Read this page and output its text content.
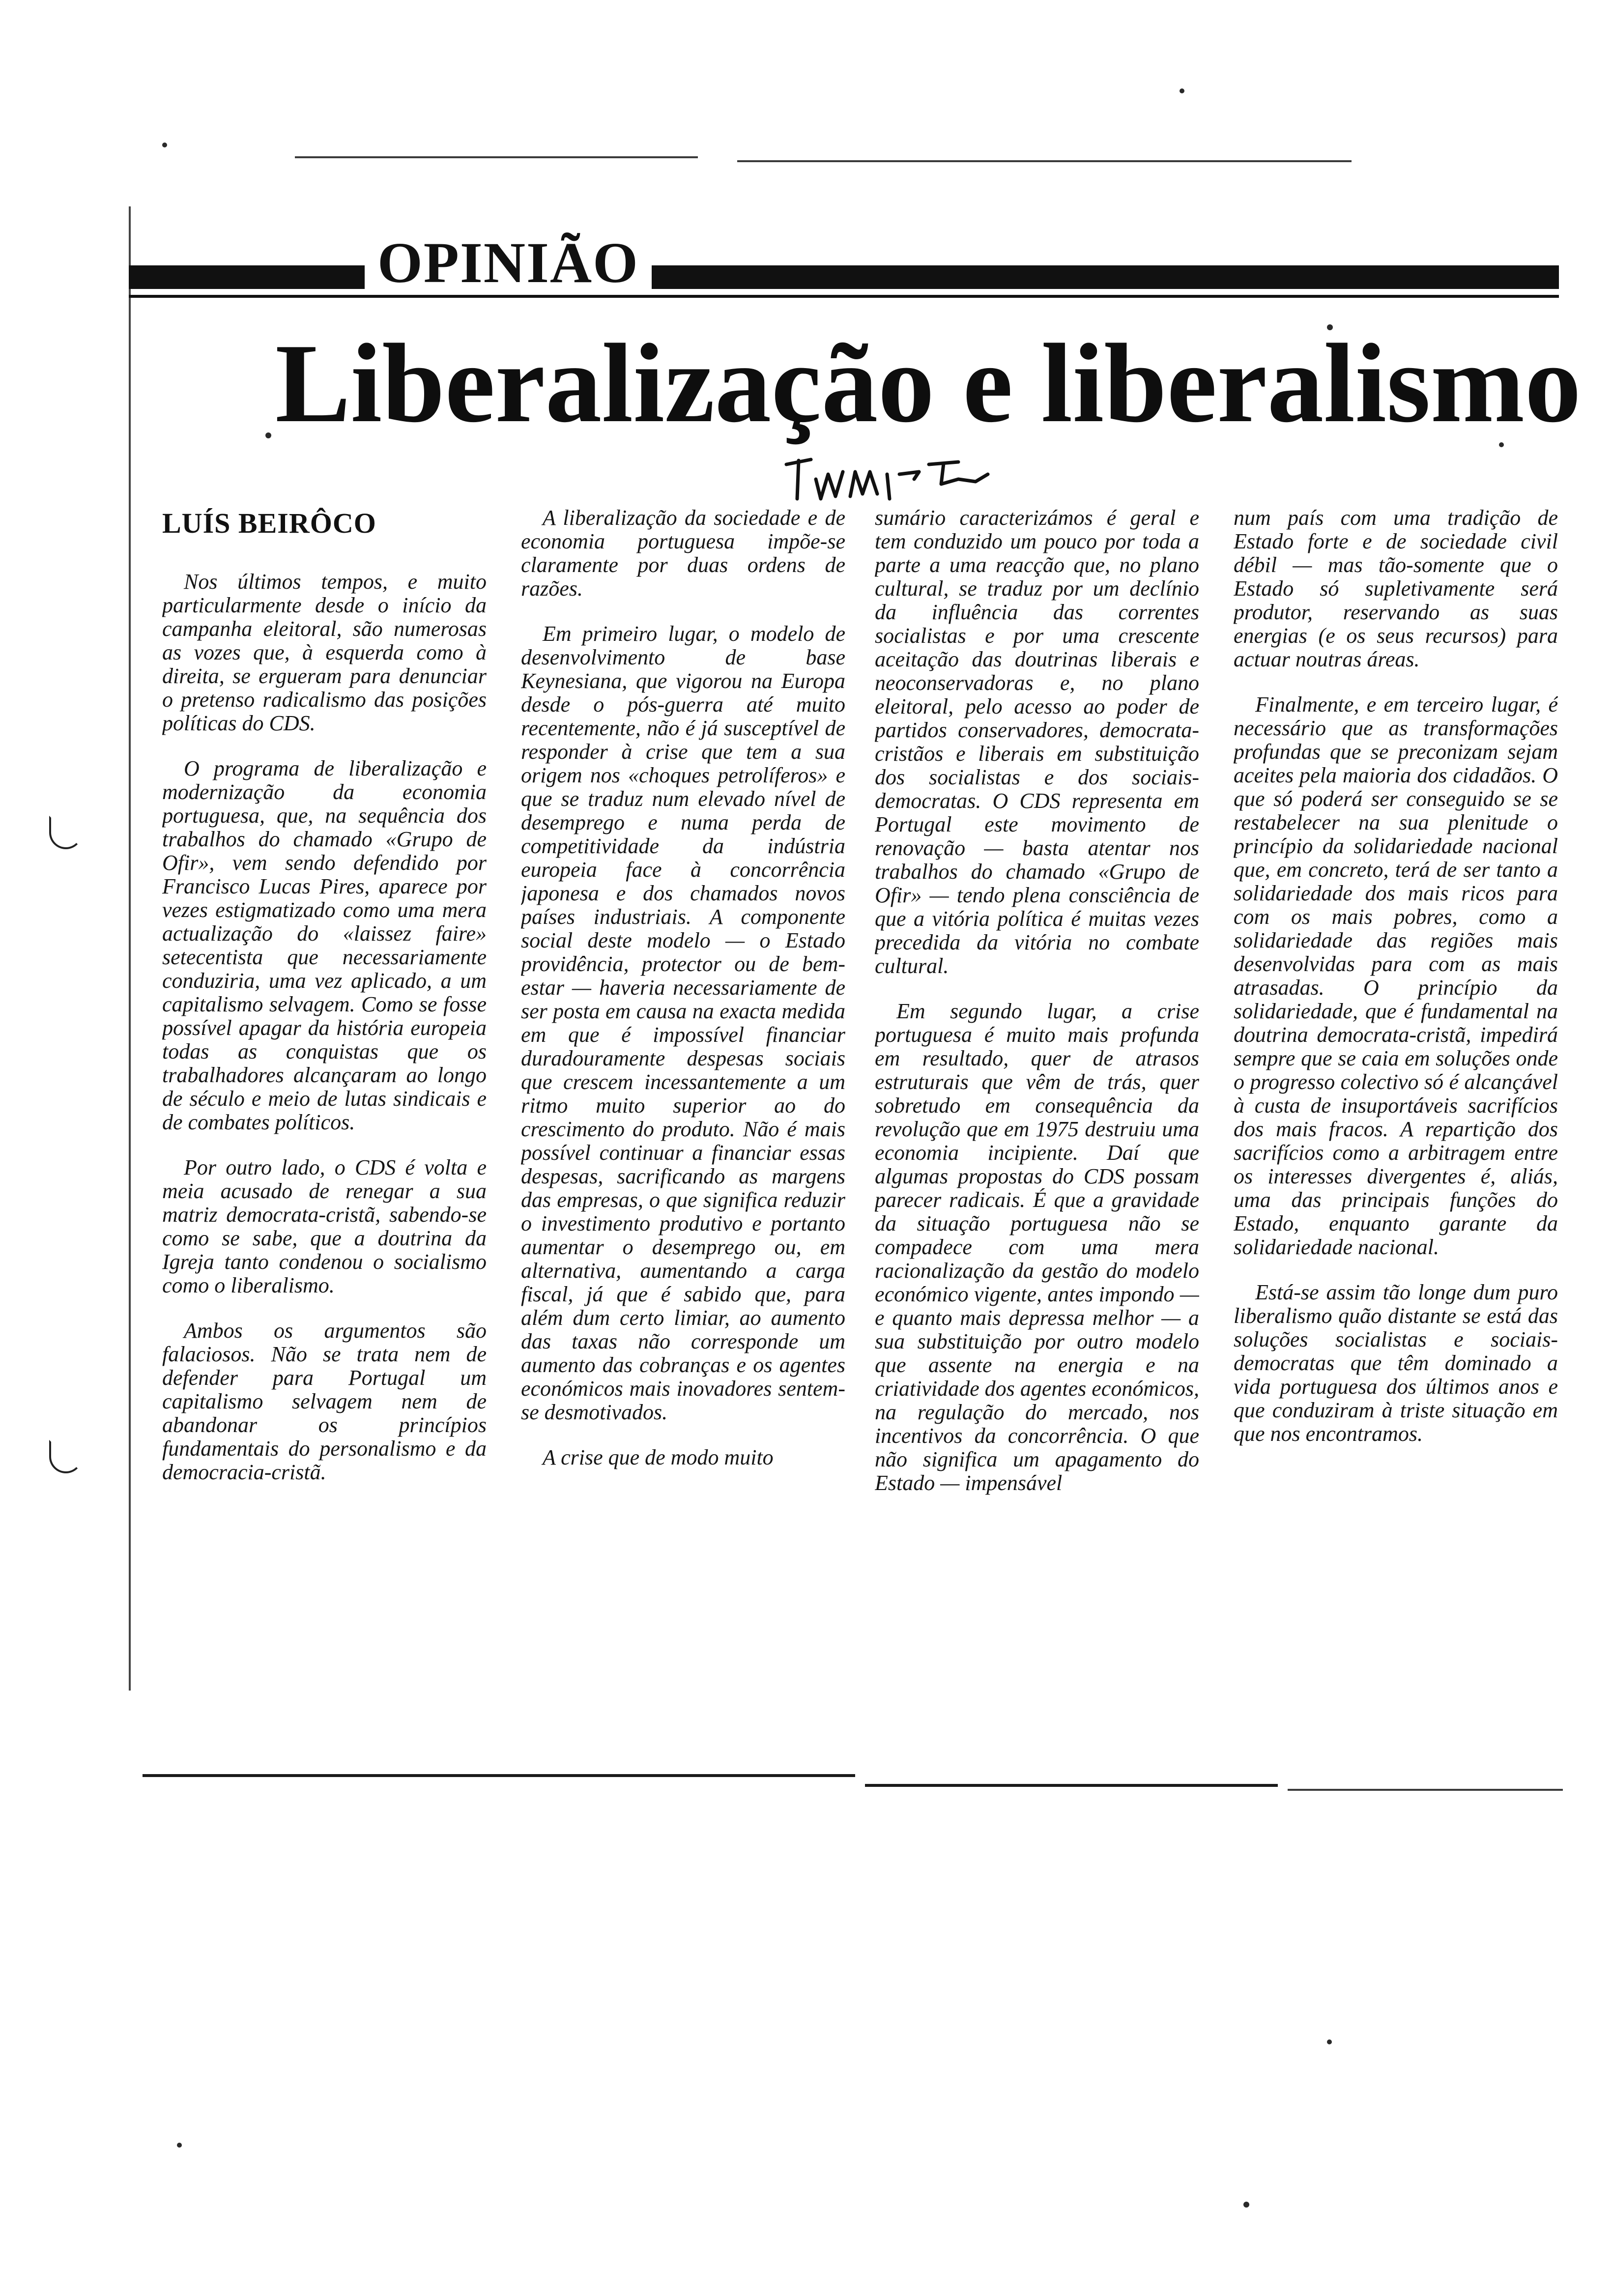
OPINIÃO
Liberalização e liberalismo
LUÍS BEIRÔCO

Nos últimos tempos, e muito particularmente desde o início da campanha eleitoral, são numerosas as vozes que, à esquerda como à direita, se ergueram para denunciar o pretenso radicalismo das posições políticas do CDS.

O programa de liberalização e modernização da economia portuguesa, que, na sequência dos trabalhos do chamado «Grupo de Ofir», vem sendo defendido por Francisco Lucas Pires, aparece por vezes estigmatizado como uma mera actualização do «laissez faire» setecentista que necessariamente conduziria, uma vez aplicado, a um capitalismo selvagem. Como se fosse possível apagar da história europeia todas as conquistas que os trabalhadores alcançaram ao longo de século e meio de lutas sindicais e de combates políticos.

Por outro lado, o CDS é volta e meia acusado de renegar a sua matriz democrata-cristã, sabendo-se como se sabe, que a doutrina da Igreja tanto condenou o socialismo como o liberalismo.

Ambos os argumentos são falaciosos. Não se trata nem de defender para Portugal um capitalismo selvagem nem de abandonar os princípios fundamentais do personalismo e da democracia-cristã.

A liberalização da sociedade e de economia portuguesa impõe-se claramente por duas ordens de razões.

Em primeiro lugar, o modelo de desenvolvimento de base Keynesiana, que vigorou na Europa desde o pós-guerra até muito recentemente, não é já susceptível de responder à crise que tem a sua origem nos «choques petrolíferos» e que se traduz num elevado nível de desemprego e numa perda de competitividade da indústria europeia face à concorrência japonesa e dos chamados novos países industriais. A componente social deste modelo — o Estado providência, protector ou de bem-estar — haveria necessariamente de ser posta em causa na exacta medida em que é impossível financiar duradouramente despesas sociais que crescem incessantemente a um ritmo muito superior ao do crescimento do produto. Não é mais possível continuar a financiar essas despesas, sacrificando as margens das empresas, o que significa reduzir o investimento produtivo e portanto aumentar o desemprego ou, em alternativa, aumentando a carga fiscal, já que é sabido que, para além dum certo limiar, ao aumento das taxas não corresponde um aumento das cobranças e os agentes económicos mais inovadores sentem-se desmotivados.

A crise que de modo muito

sumário caracterizámos é geral e tem conduzido um pouco por toda a parte a uma reacção que, no plano cultural, se traduz por um declínio da influência das correntes socialistas e por uma crescente aceitação das doutrinas liberais e neoconservadoras e, no plano eleitoral, pelo acesso ao poder de partidos conservadores, democrata-cristãos e liberais em substituição dos socialistas e dos sociais-democratas. O CDS representa em Portugal este movimento de renovação — basta atentar nos trabalhos do chamado «Grupo de Ofir» — tendo plena consciência de que a vitória política é muitas vezes precedida da vitória no combate cultural.

Em segundo lugar, a crise portuguesa é muito mais profunda em resultado, quer de atrasos estruturais que vêm de trás, quer sobretudo em consequência da revolução que em 1975 destruiu uma economia incipiente. Daí que algumas propostas do CDS possam parecer radicais. É que a gravidade da situação portuguesa não se compadece com uma mera racionalização da gestão do modelo económico vigente, antes impondo — e quanto mais depressa melhor — a sua substituição por outro modelo que assente na energia e na criatividade dos agentes económicos, na regulação do mercado, nos incentivos da concorrência. O que não significa um apagamento do Estado — impensável

num país com uma tradição de Estado forte e de sociedade civil débil — mas tão-somente que o Estado só supletivamente será produtor, reservando as suas energias (e os seus recursos) para actuar noutras áreas.

Finalmente, e em terceiro lugar, é necessário que as transformações profundas que se preconizam sejam aceites pela maioria dos cidadãos. O que só poderá ser conseguido se se restabelecer na sua plenitude o princípio da solidariedade nacional que, em concreto, terá de ser tanto a solidariedade dos mais ricos para com os mais pobres, como a solidariedade das regiões mais desenvolvidas para com as mais atrasadas. O princípio da solidariedade, que é fundamental na doutrina democrata-cristã, impedirá sempre que se caia em soluções onde o progresso colectivo só é alcançável à custa de insuportáveis sacrifícios dos mais fracos. A repartição dos sacrifícios como a arbitragem entre os interesses divergentes é, aliás, uma das principais funções do Estado, enquanto garante da solidariedade nacional.

Está-se assim tão longe dum puro liberalismo quão distante se está das soluções socialistas e sociais-democratas que têm dominado a vida portuguesa dos últimos anos e que conduziram à triste situação em que nos encontramos.
